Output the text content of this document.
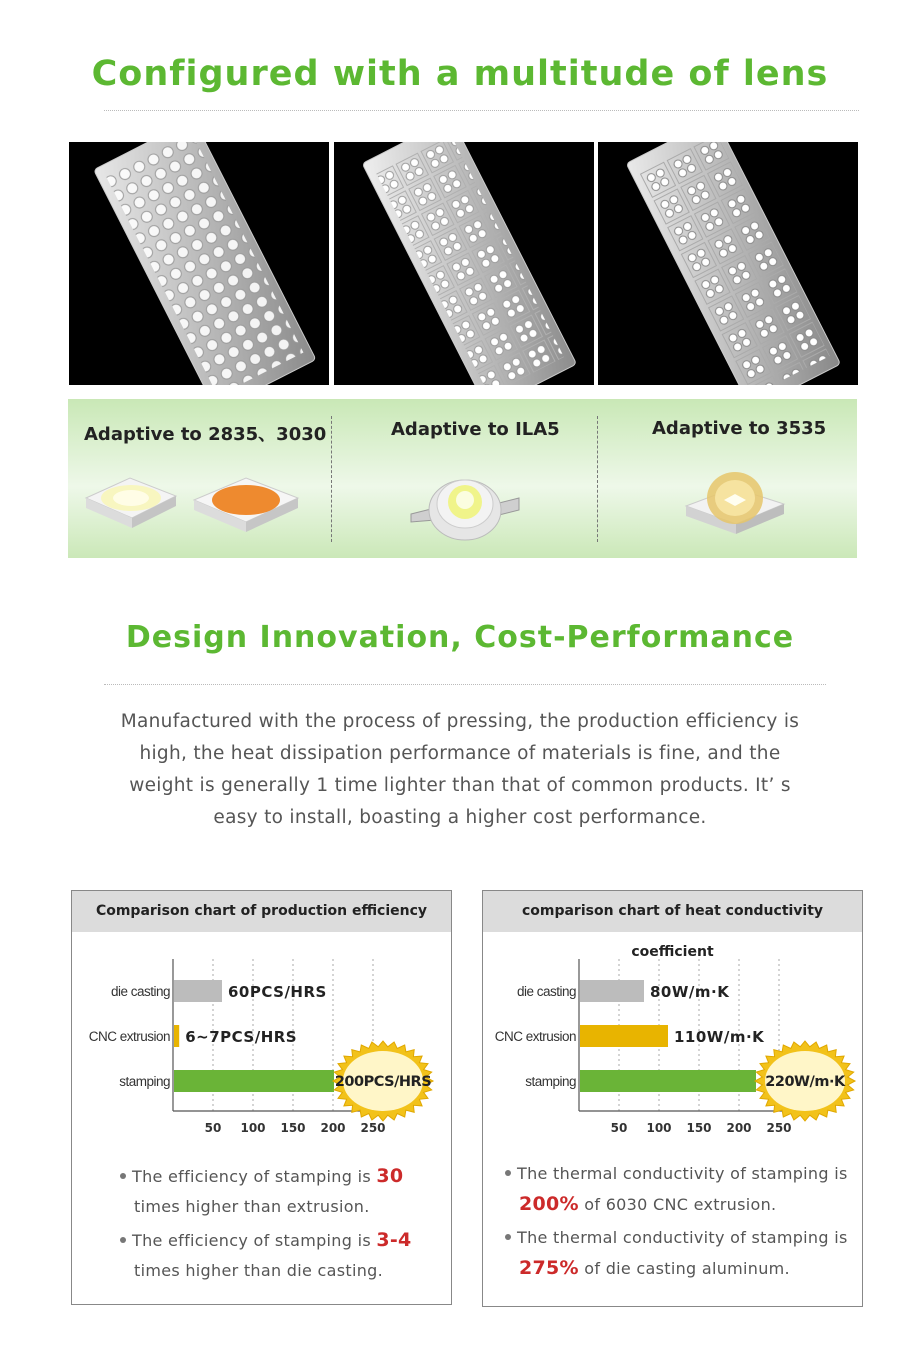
Configured with a multitude of lens
Adaptive to 2835、3030	Adaptive to ILA5	Adaptive to 3535
Design Innovation, Cost-Performance
Manufactured with the process of pressing, the production efficiency is
high, the heat dissipation performance of materials is fine, and the
weight is generally 1 time lighter than that of common products. It’ s
easy to install, boasting a higher cost performance.
Comparison chart of production efficiency
50 100 150 200 250
die casting	60PCS/HRS
CNC extrusion 6~7PCS/HRS
stamping	200PCS/HRS
The efficiency of stamping is 30
times higher than extrusion.
The efficiency of stamping is 3-4
times higher than die casting.
comparison chart of heat conductivity coefficient
50 100 150 200 250
die casting	80W/m·K
CNC extrusion	110W/m·K
stamping	220W/m·K
The thermal conductivity of stamping is
200% of 6030 CNC extrusion.
The thermal conductivity of stamping is
275% of die casting aluminum.
